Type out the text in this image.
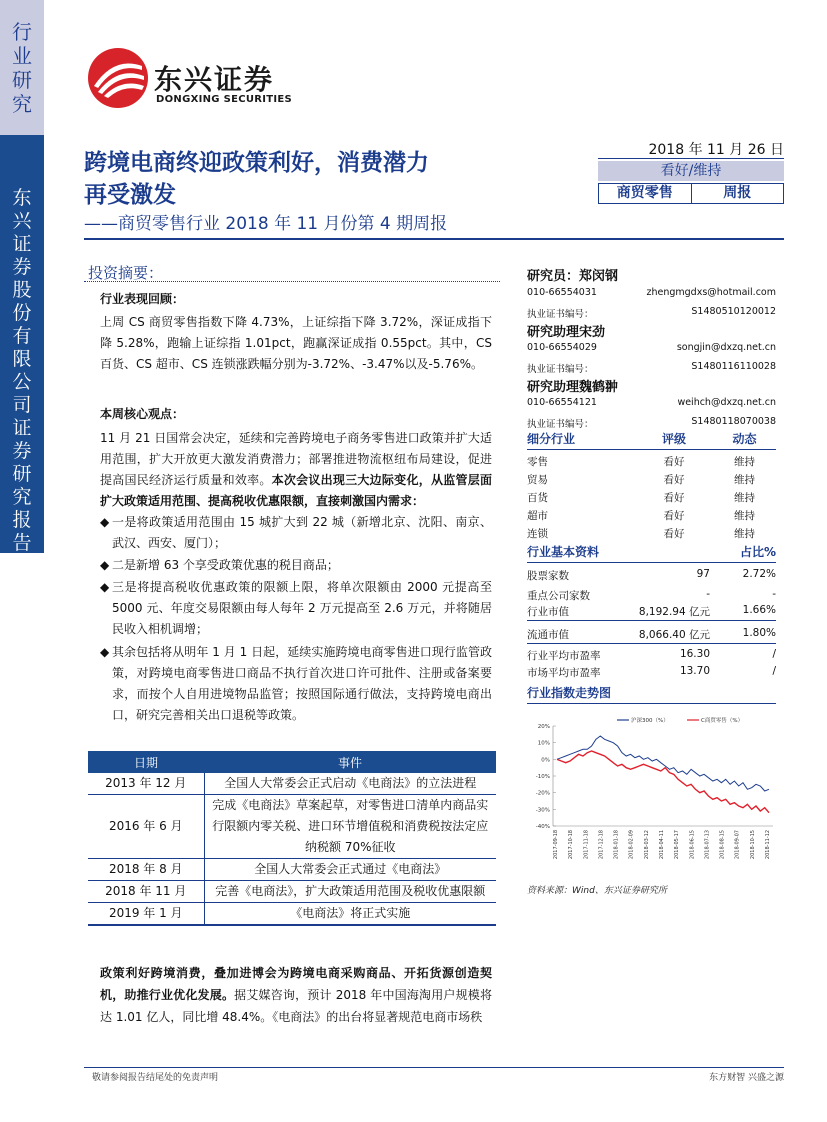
行
业
研
究
东
兴
证
券
股
份
有
限
公
司
证
券
研
究
报
告
东兴证券
DONGXING SECURITIES
跨境电商终迎政策利好，消费潜力
再受激发
——商贸零售行业 2018 年 11 月份第 4 期周报
2018 年 11 月 26 日
看好/维持
商贸零售	周报
投资摘要：
行业表现回顾：
上周 CS 商贸零售指数下降 4.73%，上证综指下降 3.72%，深证成指下降 5.28%，跑输上证综指 1.01pct，跑赢深证成指 0.55pct。其中，CS 百货、CS 超市、CS 连锁涨跌幅分别为-3.72%、-3.47%以及-5.76%。
本周核心观点：
11 月 21 日国常会决定，延续和完善跨境电子商务零售进口政策并扩大适用范围，扩大开放更大激发消费潜力；部署推进物流枢纽布局建设，促进提高国民经济运行质量和效率。本次会议出现三大边际变化，从监管层面扩大政策适用范围、提高税收优惠限额，直接刺激国内需求：
◆ 一是将政策适用范围由 15 城扩大到 22 城（新增北京、沈阳、南京、武汉、西安、厦门）；
◆ 二是新增 63 个享受政策优惠的税目商品；
◆ 三是将提高税收优惠政策的限额上限，将单次限额由 2000 元提高至 5000 元、年度交易限额由每人每年 2 万元提高至 2.6 万元，并将随居民收入相机调增；
◆ 其余包括将从明年 1 月 1 日起，延续实施跨境电商零售进口现行监管政策，对跨境电商零售进口商品不执行首次进口许可批件、注册或备案要求，而按个人自用进境物品监管；按照国际通行做法，支持跨境电商出口，研究完善相关出口退税等政策。
日期	事件
2013 年 12 月	全国人大常委会正式启动《电商法》的立法进程
2016 年 6 月	完成《电商法》草案起草，对零售进口清单内商品实行限额内零关税、进口环节增值税和消费税按法定应纳税额 70%征收
2018 年 8 月	全国人大常委会正式通过《电商法》
2018 年 11 月	完善《电商法》，扩大政策适用范围及税收优惠限额
2019 年 1 月	《电商法》将正式实施
政策利好跨境消费，叠加进博会为跨境电商采购商品、开拓货源创造契机，助推行业优化发展。据艾媒咨询，预计 2018 年中国海淘用户规模将达 1.01 亿人，同比增 48.4%。《电商法》的出台将显著规范电商市场秩
研究员：郑闵钢
010-66554031	zhengmgdxs@hotmail.com
执业证书编号：	S1480510120012
研究助理宋劲
010-66554029	songjin@dxzq.net.cn
执业证书编号：	S1480116110028
研究助理魏鹤翀
010-66554121	weihch@dxzq.net.cn
执业证书编号：	S1480118070038
细分行业	评级	动态
零售	看好	维持
贸易	看好	维持
百货	看好	维持
超市	看好	维持
连锁	看好	维持
行业基本资料	占比%
股票家数	97	2.72%
重点公司家数	-	-
行业市值	8,192.94 亿元	1.66%
流通市值	8,066.40 亿元	1.80%
行业平均市盈率	16.30	/
市场平均市盈率	13.70	/
行业指数走势图
-40%
-30%
-20%
-10%
0%
10%
20%
2017-09-18 2017-10-18 2017-11-18 2017-12-18 2018-01-18 2018-02-09 2018-03-12 2018-04-11 2018-05-17 2018-06-15 2018-07-13 2018-08-15 2018-09-07 2018-10-15 2018-11-12
沪深300（%）	C商贸零售（%）
资料来源：Wind、东兴证券研究所
敬请参阅报告结尾处的免责声明	东方财智 兴盛之源
